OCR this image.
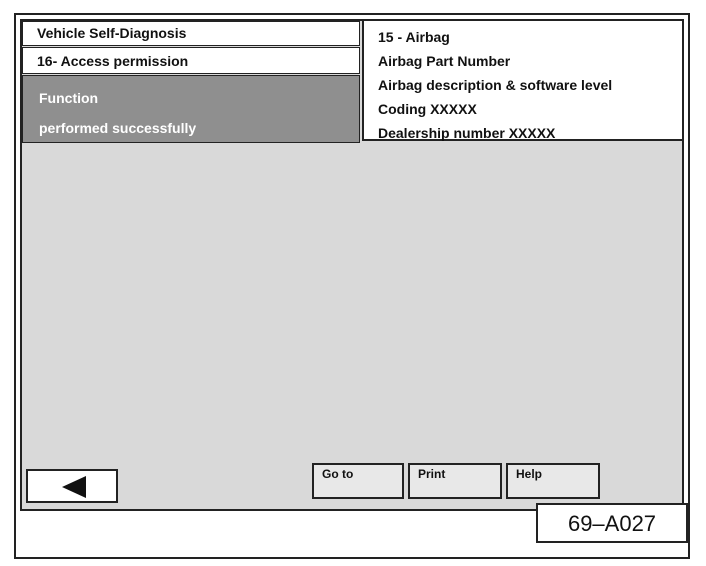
Vehicle Self-Diagnosis
16- Access permission
Function
performed successfully
15 - Airbag
Airbag Part Number
Airbag description & software level
Coding XXXXX
Dealership number XXXXX
Go to	Print	Help
69–A027
